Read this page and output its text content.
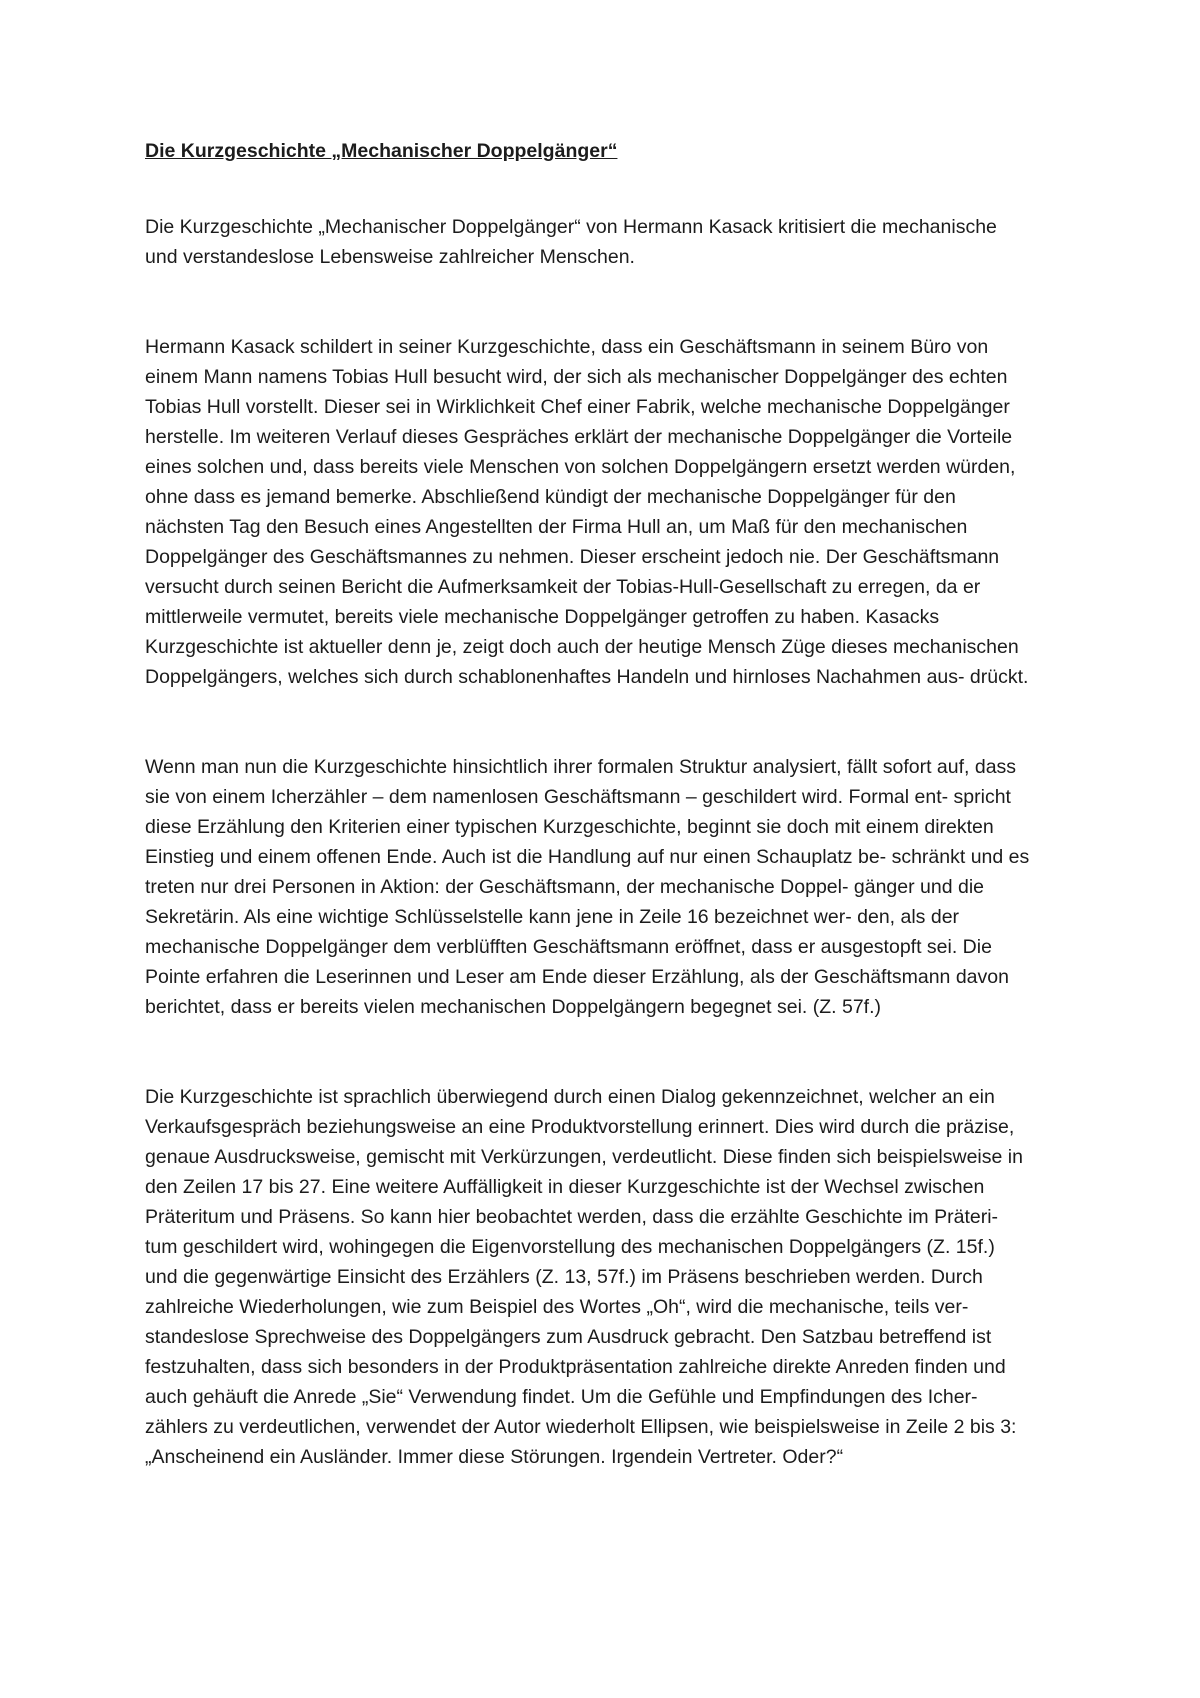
Die Kurzgeschichte „Mechanischer Doppelgänger“

Die Kurzgeschichte „Mechanischer Doppelgänger“ von Hermann Kasack kritisiert die mechanische
und verstandeslose Lebensweise zahlreicher Menschen.

Hermann Kasack schildert in seiner Kurzgeschichte, dass ein Geschäftsmann in seinem Büro von
einem Mann namens Tobias Hull besucht wird, der sich als mechanischer Doppelgänger des echten
Tobias Hull vorstellt. Dieser sei in Wirklichkeit Chef einer Fabrik, welche mechanische Doppelgänger
herstelle. Im weiteren Verlauf dieses Gespräches erklärt der mechanische Doppelgänger die Vorteile
eines solchen und, dass bereits viele Menschen von solchen Doppelgängern ersetzt werden würden,
ohne dass es jemand bemerke. Abschließend kündigt der mechanische Doppelgänger für den
nächsten Tag den Besuch eines Angestellten der Firma Hull an, um Maß für den mechanischen
Doppelgänger des Geschäftsmannes zu nehmen. Dieser erscheint jedoch nie. Der Geschäftsmann
versucht durch seinen Bericht die Aufmerksamkeit der Tobias-Hull-Gesellschaft zu erregen, da er
mittlerweile vermutet, bereits viele mechanische Doppelgänger getroffen zu haben. Kasacks
Kurzgeschichte ist aktueller denn je, zeigt doch auch der heutige Mensch Züge dieses mechanischen
Doppelgängers, welches sich durch schablonenhaftes Handeln und hirnloses Nachahmen aus- drückt.

Wenn man nun die Kurzgeschichte hinsichtlich ihrer formalen Struktur analysiert, fällt sofort auf, dass
sie von einem Icherzähler – dem namenlosen Geschäftsmann – geschildert wird. Formal ent- spricht
diese Erzählung den Kriterien einer typischen Kurzgeschichte, beginnt sie doch mit einem direkten
Einstieg und einem offenen Ende. Auch ist die Handlung auf nur einen Schauplatz be- schränkt und es
treten nur drei Personen in Aktion: der Geschäftsmann, der mechanische Doppel- gänger und die
Sekretärin. Als eine wichtige Schlüsselstelle kann jene in Zeile 16 bezeichnet wer- den, als der
mechanische Doppelgänger dem verblüfften Geschäftsmann eröffnet, dass er ausgestopft sei. Die
Pointe erfahren die Leserinnen und Leser am Ende dieser Erzählung, als der Geschäftsmann davon
berichtet, dass er bereits vielen mechanischen Doppelgängern begegnet sei. (Z. 57f.)

Die Kurzgeschichte ist sprachlich überwiegend durch einen Dialog gekennzeichnet, welcher an ein
Verkaufsgespräch beziehungsweise an eine Produktvorstellung erinnert. Dies wird durch die präzise,
genaue Ausdrucksweise, gemischt mit Verkürzungen, verdeutlicht. Diese finden sich beispielsweise in
den Zeilen 17 bis 27. Eine weitere Auffälligkeit in dieser Kurzgeschichte ist der Wechsel zwischen
Präteritum und Präsens. So kann hier beobachtet werden, dass die erzählte Geschichte im Präteri-
tum geschildert wird, wohingegen die Eigenvorstellung des mechanischen Doppelgängers (Z. 15f.)
und die gegenwärtige Einsicht des Erzählers (Z. 13, 57f.) im Präsens beschrieben werden. Durch
zahlreiche Wiederholungen, wie zum Beispiel des Wortes „Oh“, wird die mechanische, teils ver-
standeslose Sprechweise des Doppelgängers zum Ausdruck gebracht. Den Satzbau betreffend ist
festzuhalten, dass sich besonders in der Produktpräsentation zahlreiche direkte Anreden finden und
auch gehäuft die Anrede „Sie“ Verwendung findet. Um die Gefühle und Empfindungen des Icher-
zählers zu verdeutlichen, verwendet der Autor wiederholt Ellipsen, wie beispielsweise in Zeile 2 bis 3:
„Anscheinend ein Ausländer. Immer diese Störungen. Irgendein Vertreter. Oder?“
